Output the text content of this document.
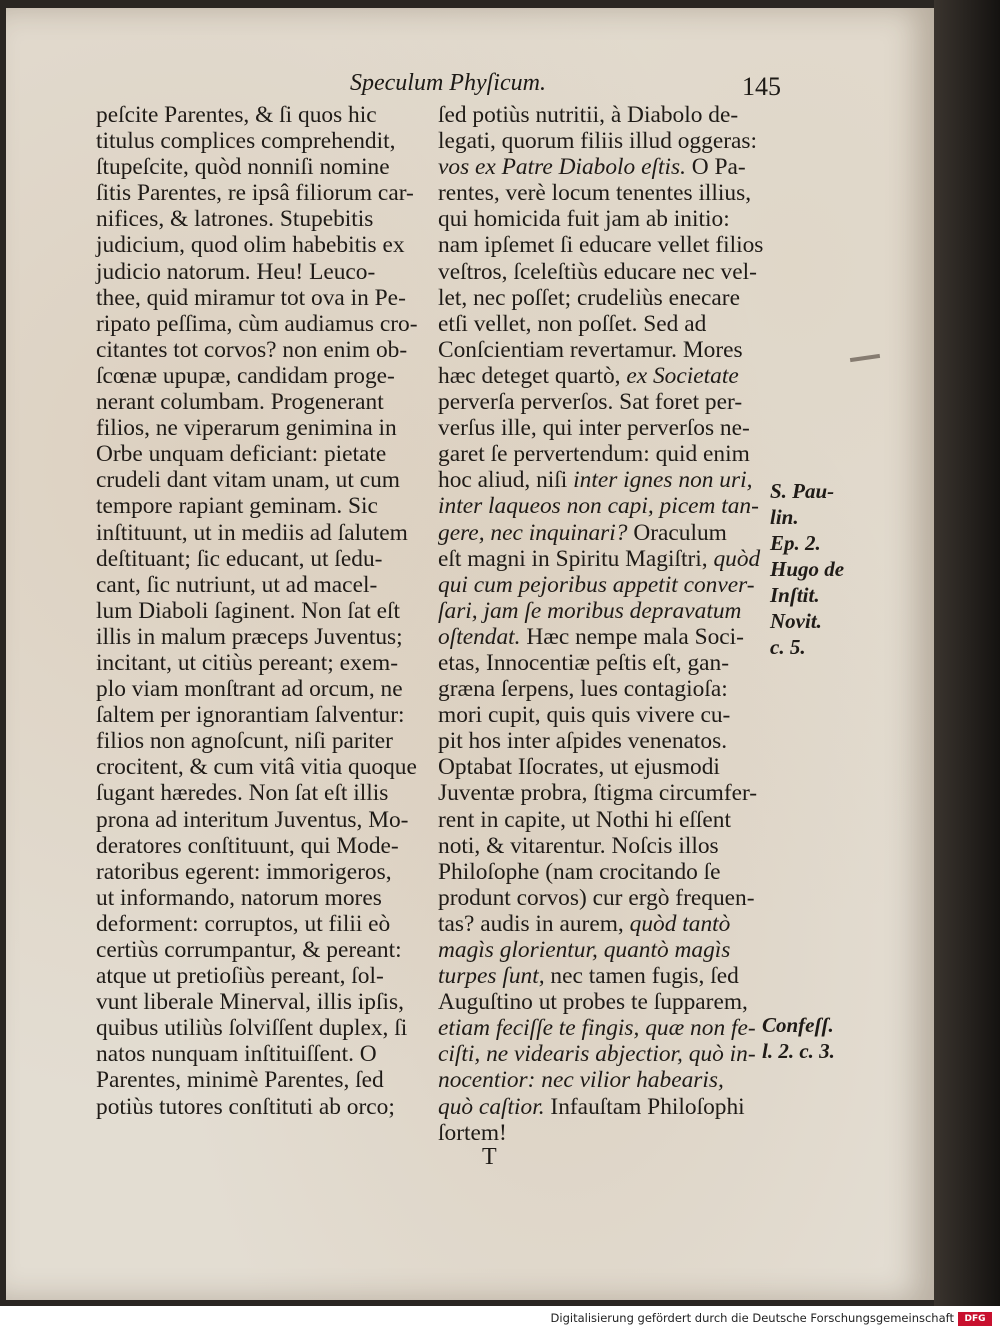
Speculum Phyſicum.	145
peſcite Parentes, & ſi quos hic
titulus complices comprehendit,
ſtupeſcite, quòd nonniſi nomine
ſitis Parentes, re ipsâ filiorum car-
nifices, & latrones. Stupebitis
judicium, quod olim habebitis ex
judicio natorum. Heu! Leuco-
thee, quid miramur tot ova in Pe-
ripato peſſima, cùm audiamus cro-
citantes tot corvos? non enim ob-
ſcœnæ upupæ, candidam proge-
nerant columbam. Progenerant
filios, ne viperarum genimina in
Orbe unquam deficiant: pietate
crudeli dant vitam unam, ut cum
tempore rapiant geminam. Sic
inſtituunt, ut in mediis ad ſalutem
deſtituant; ſic educant, ut ſedu-
cant, ſic nutriunt, ut ad macel-
lum Diaboli ſaginent. Non ſat eſt
illis in malum præceps Juventus;
incitant, ut citiùs pereant; exem-
plo viam monſtrant ad orcum, ne
ſaltem per ignorantiam ſalventur:
filios non agnoſcunt, niſi pariter
crocitent, & cum vitâ vitia quoque
ſugant hæredes. Non ſat eſt illis
prona ad interitum Juventus, Mo-
deratores conſtituunt, qui Mode-
ratoribus egerent: immorigeros,
ut informando, natorum mores
deforment: corruptos, ut filii eò
certiùs corrumpantur, & pereant:
atque ut pretioſiùs pereant, ſol-
vunt liberale Minerval, illis ipſis,
quibus utiliùs ſolviſſent duplex, ſi
natos nunquam inſtituiſſent. O
Parentes, minimè Parentes, ſed
potiùs tutores conſtituti ab orco;
ſed potiùs nutritii, à Diabolo de-
legati, quorum filiis illud oggeras:
vos ex Patre Diabolo eſtis. O Pa-
rentes, verè locum tenentes illius,
qui homicida fuit jam ab initio:
nam ipſemet ſi educare vellet filios
veſtros, ſceleſtiùs educare nec vel-
let, nec poſſet; crudeliùs enecare
etſi vellet, non poſſet. Sed ad
Conſcientiam revertamur. Mores
hæc deteget quartò, ex Societate
perverſa perverſos. Sat foret per-
verſus ille, qui inter perverſos ne-
garet ſe pervertendum: quid enim
hoc aliud, niſi inter ignes non uri,
inter laqueos non capi, picem tan-
gere, nec inquinari? Oraculum
eſt magni in Spiritu Magiſtri, quòd
qui cum pejoribus appetit conver-
ſari, jam ſe moribus depravatum
oſtendat. Hæc nempe mala Soci-
etas, Innocentiæ peſtis eſt, gan-
græna ſerpens, lues contagioſa:
mori cupit, quis quis vivere cu-
pit hos inter aſpides venenatos.
Optabat Iſocrates, ut ejusmodi
Juventæ probra, ſtigma circumfer-
rent in capite, ut Nothi hi eſſent
noti, & vitarentur. Noſcis illos
Philoſophe (nam crocitando ſe
produnt corvos) cur ergò frequen-
tas? audis in aurem, quòd tantò
magìs glorientur, quantò magìs
turpes ſunt, nec tamen fugis, ſed
Auguſtino ut probes te ſupparem,
etiam feciſſe te fingis, quæ non fe-
ciſti, ne videaris abjectior, quò in-
nocentior: nec vilior habearis,
quò caſtior. Infauſtam Philoſophi
ſortem!
S. Pau-
lin.
Ep. 2.
Hugo de
Inſtit.
Novit.
c. 5.
Confeſſ.
l. 2. c. 3.
T
Digitalisierung gefördert durch die Deutsche Forschungsgemeinschaft	DFG
